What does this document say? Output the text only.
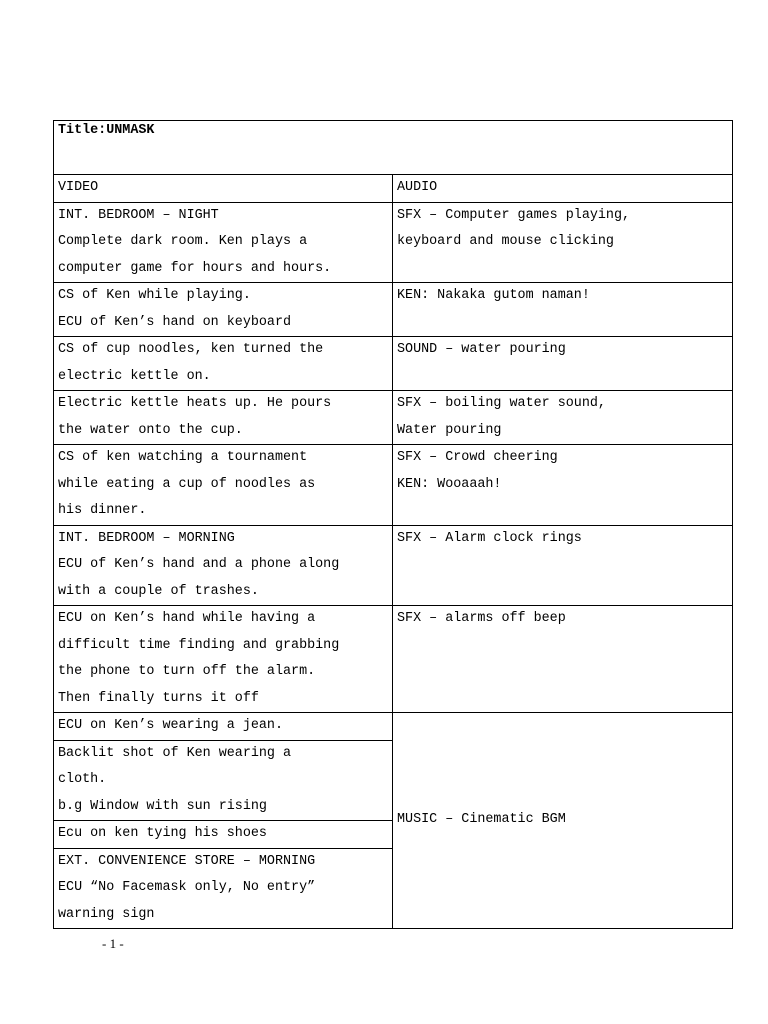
Title:UNMASK	
VIDEO	AUDIO

INT. BEDROOM – NIGHT
Complete dark room. Ken plays a
computer game for hours and hours.	SFX – Computer games playing,
keyboard and mouse clicking

CS of Ken while playing.
ECU of Ken’s hand on keyboard	KEN: Nakaka gutom naman!

CS of cup noodles, ken turned the
electric kettle on.	SOUND – water pouring

Electric kettle heats up. He pours
the water onto the cup.	SFX – boiling water sound,
Water pouring

CS of ken watching a tournament
while eating a cup of noodles as
his dinner.	SFX – Crowd cheering
KEN: Wooaaah!

INT. BEDROOM – MORNING
ECU of Ken’s hand and a phone along
with a couple of trashes.	SFX – Alarm clock rings

ECU on Ken’s hand while having a
difficult time finding and grabbing
the phone to turn off the alarm.
Then finally turns it off	SFX – alarms off beep

ECU on Ken’s wearing a jean.	MUSIC – Cinematic BGM

Backlit shot of Ken wearing a
cloth.
b.g Window with sun rising	

Ecu on ken tying his shoes	

EXT. CONVENIENCE STORE – MORNING
ECU “No Facemask only, No entry”
warning sign	
- 1 -
